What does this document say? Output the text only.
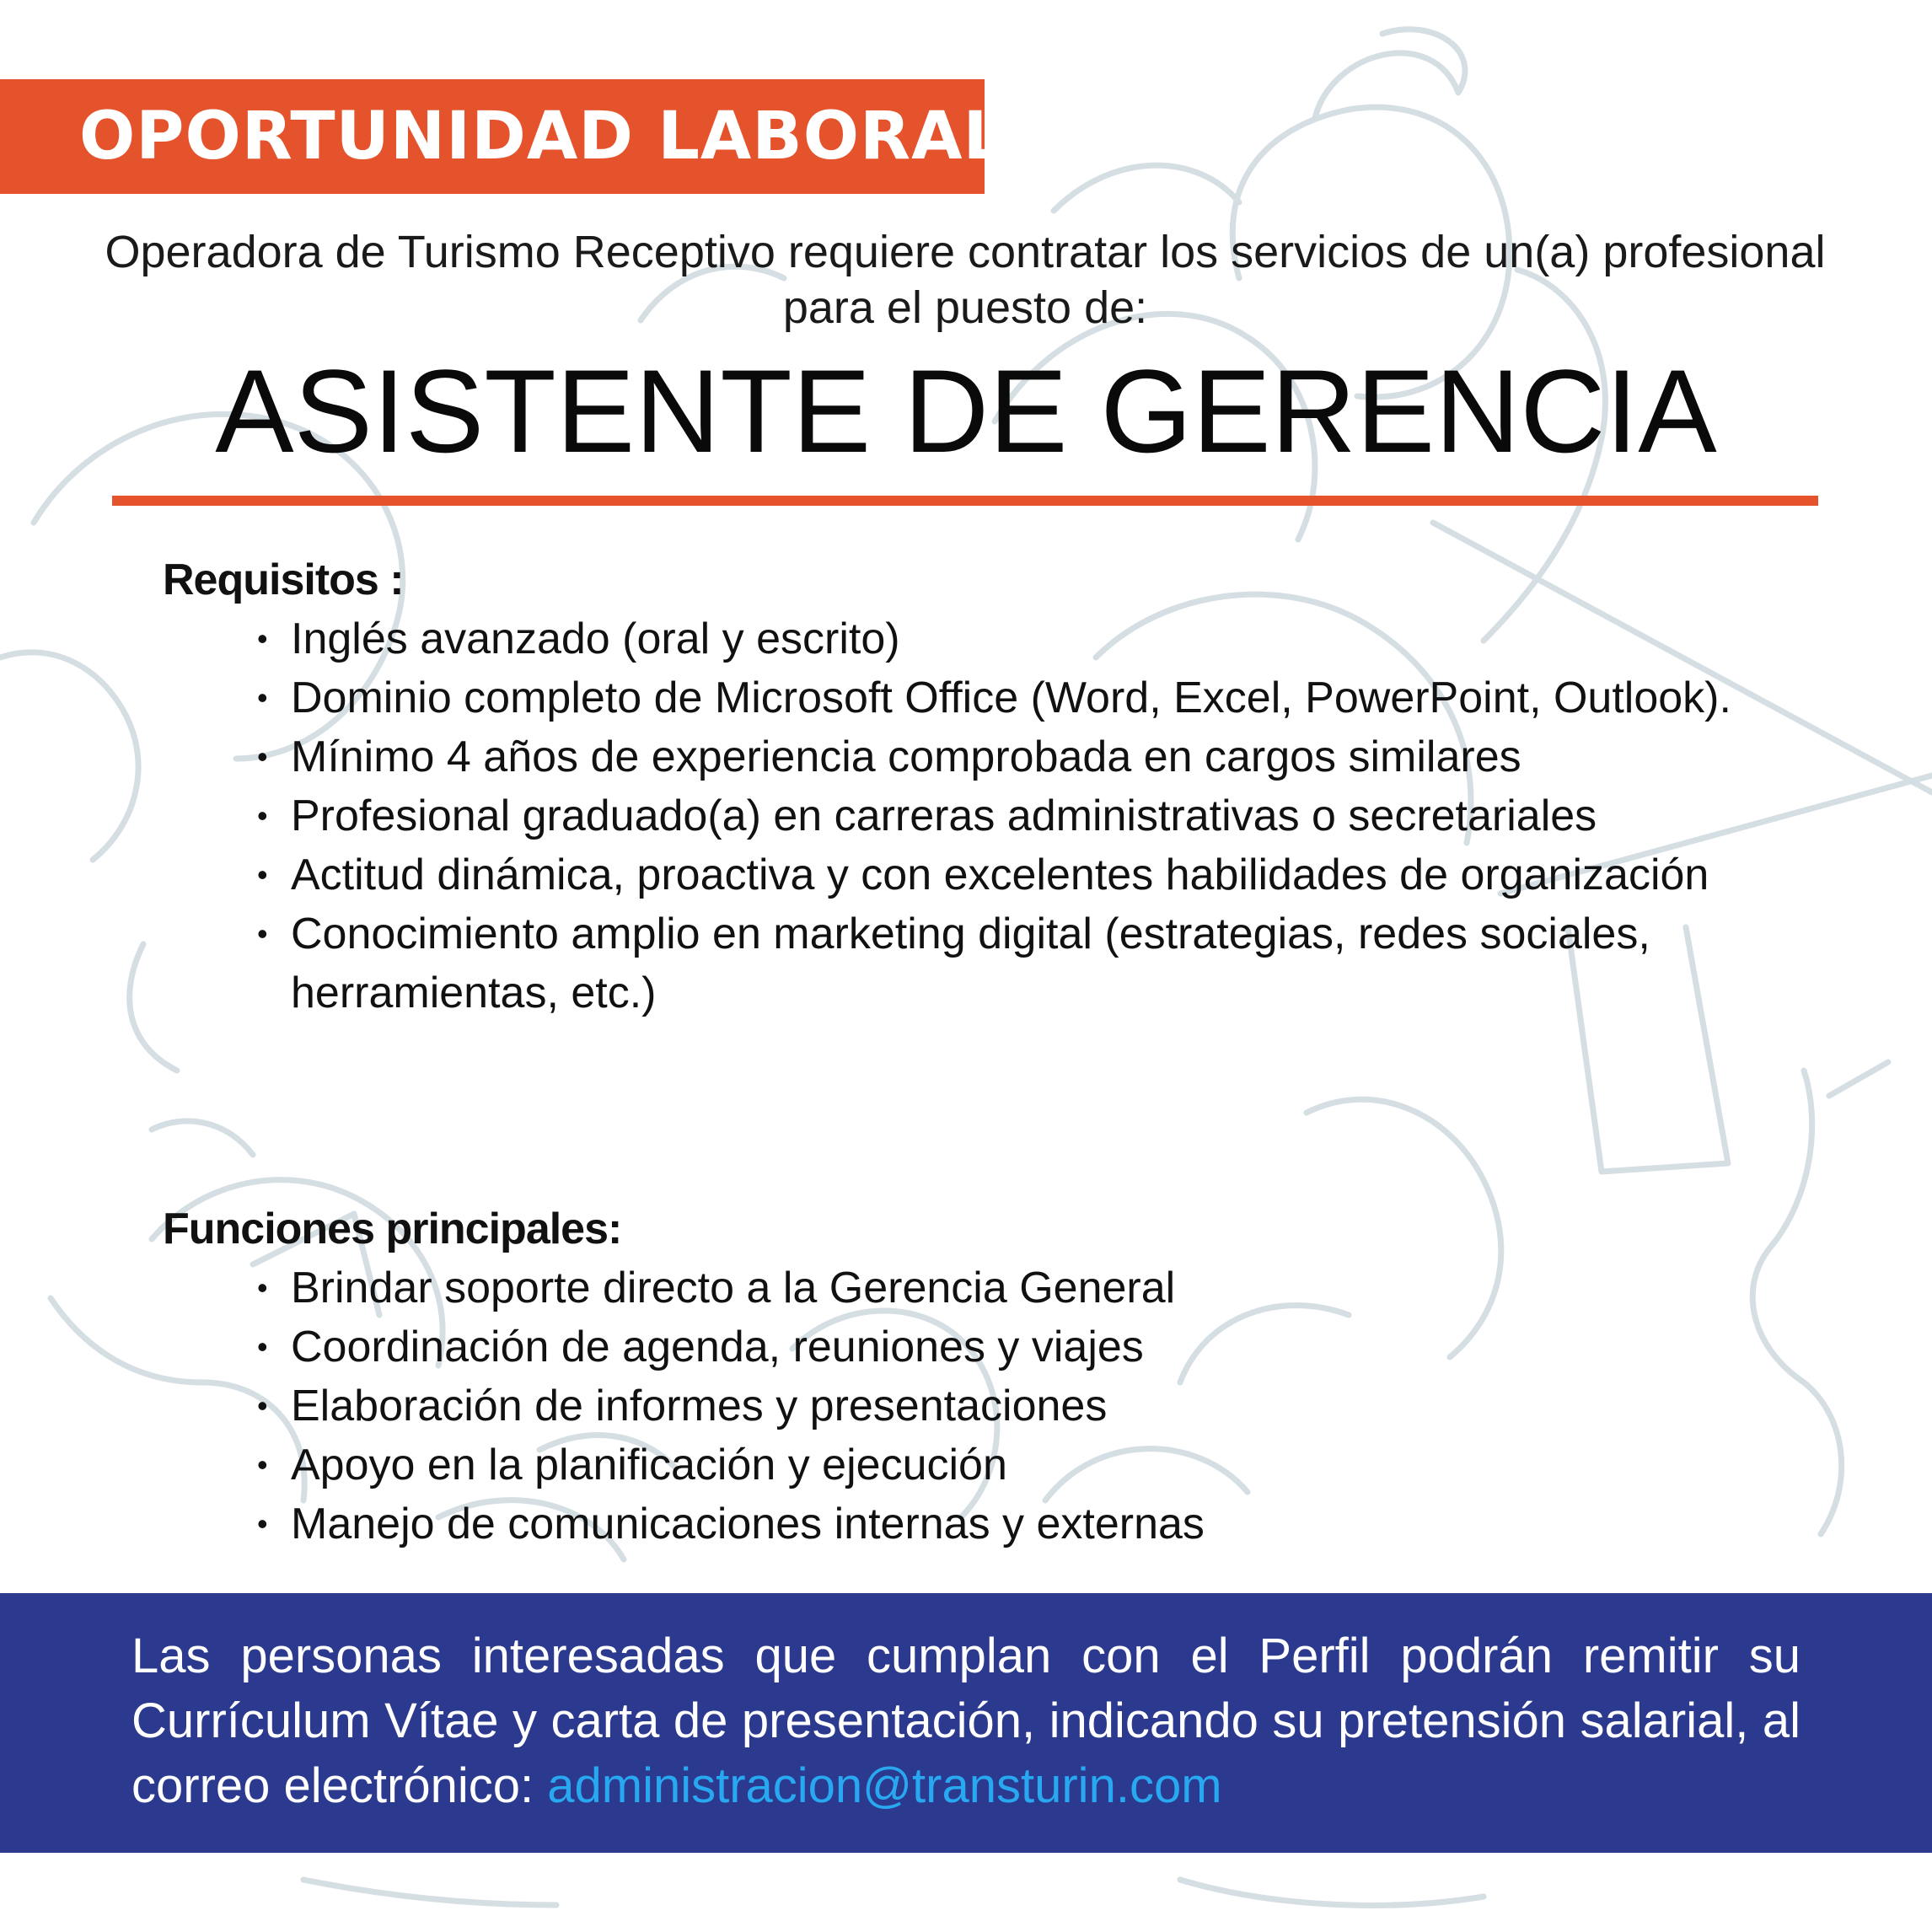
OPORTUNIDAD LABORAL
Operadora de Turismo Receptivo requiere contratar los servicios de un(a) profesional para el puesto de:
ASISTENTE DE GERENCIA
Requisitos :
• Inglés avanzado (oral y escrito)
• Dominio completo de Microsoft Office (Word, Excel, PowerPoint, Outlook).
• Mínimo 4 años de experiencia comprobada en cargos similares
• Profesional graduado(a) en carreras administrativas o secretariales
• Actitud dinámica, proactiva y con excelentes habilidades de organización
• Conocimiento amplio en marketing digital (estrategias, redes sociales, herramientas, etc.)
Funciones principales:
• Brindar soporte directo a la Gerencia General
• Coordinación de agenda, reuniones y viajes
• Elaboración de informes y presentaciones
• Apoyo en la planificación y ejecución
• Manejo de comunicaciones internas y externas
Las personas interesadas que cumplan con el Perfil podrán remitir su Currículum Vítae y carta de presentación, indicando su pretensión salarial, al correo electrónico: administracion@transturin.com
